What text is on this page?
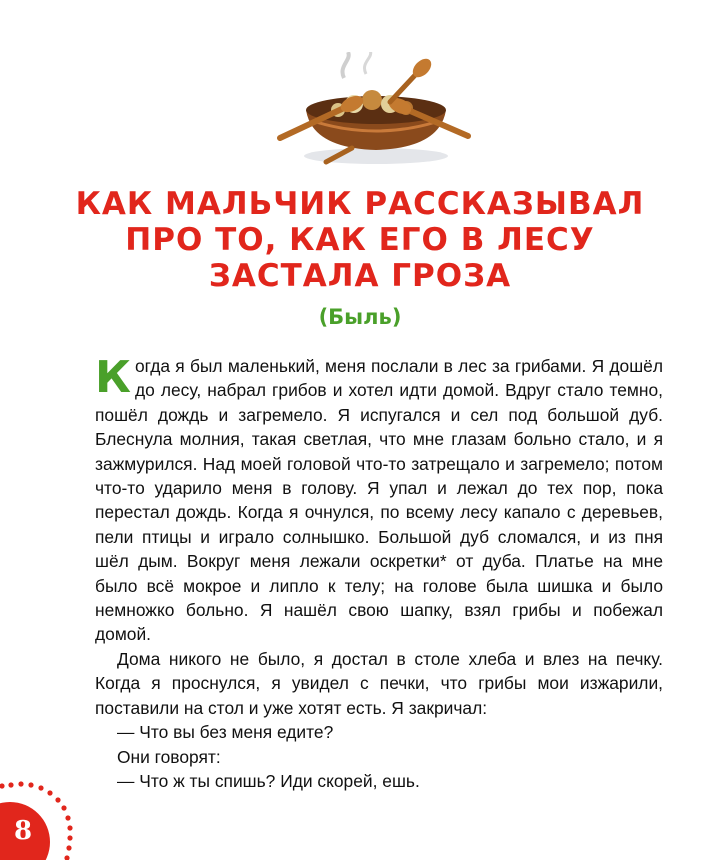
КАК МАЛЬЧИК РАССКАЗЫВАЛ
ПРО ТО, КАК ЕГО В ЛЕСУ
ЗАСТАЛА ГРОЗА
(Быль)

Когда я был маленький, меня послали в лес за грибами. Я дошёл до лесу, набрал грибов и хотел идти домой. Вдруг стало темно, пошёл дождь и загремело. Я испугался и сел под большой дуб. Блеснула молния, такая светлая, что мне глазам больно стало, и я зажмурился. Над моей головой что-то затрещало и загремело; потом что-то ударило меня в голову. Я упал и лежал до тех пор, пока перестал дождь. Когда я очнулся, по всему лесу капало с деревьев, пели птицы и играло солнышко. Большой дуб сломался, и из пня шёл дым. Вокруг меня лежали оскретки* от дуба. Платье на мне было всё мокрое и липло к телу; на голове была шишка и было немножко больно. Я нашёл свою шапку, взял грибы и побежал домой.

Дома никого не было, я достал в столе хлеба и влез на печку. Когда я проснулся, я увидел с печки, что грибы мои изжарили, поставили на стол и уже хотят есть. Я закричал:

— Что вы без меня едите?

Они говорят:

— Что ж ты спишь? Иди скорей, ешь.

8
